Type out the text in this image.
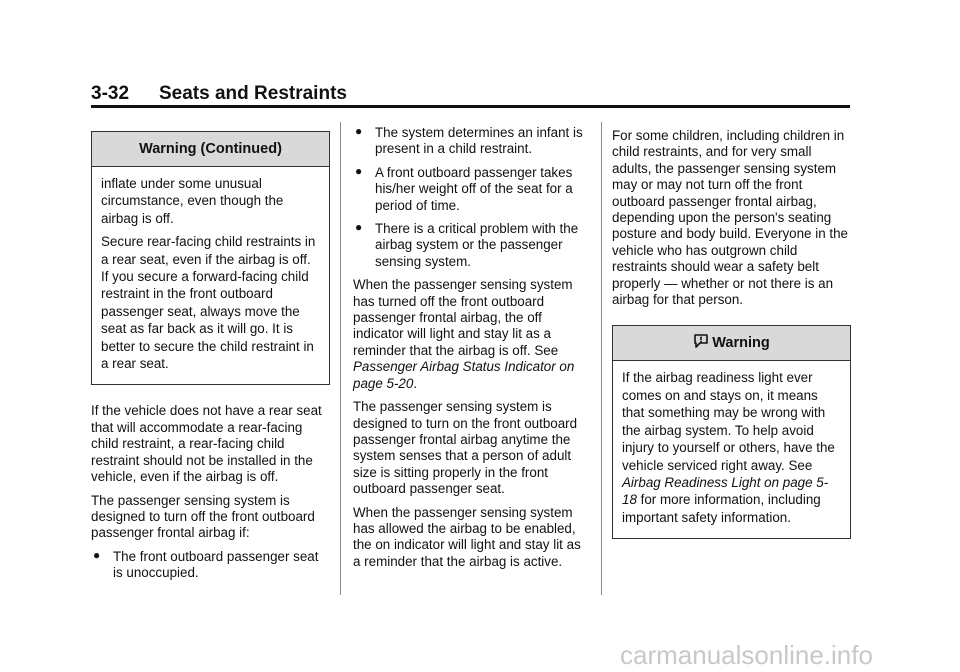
3-32 Seats and Restraints
Warning (Continued)

inflate under some unusual circumstance, even though the airbag is off.

Secure rear-facing child restraints in a rear seat, even if the airbag is off. If you secure a forward-facing child restraint in the front outboard passenger seat, always move the seat as far back as it will go. It is better to secure the child restraint in a rear seat.

If the vehicle does not have a rear seat that will accommodate a rear-facing child restraint, a rear-facing child restraint should not be installed in the vehicle, even if the airbag is off.

The passenger sensing system is designed to turn off the front outboard passenger frontal airbag if:

● The front outboard passenger seat is unoccupied.
● The system determines an infant is present in a child restraint.
● A front outboard passenger takes his/her weight off of the seat for a period of time.
● There is a critical problem with the airbag system or the passenger sensing system.

When the passenger sensing system has turned off the front outboard passenger frontal airbag, the off indicator will light and stay lit as a reminder that the airbag is off. See Passenger Airbag Status Indicator on page 5-20.

The passenger sensing system is designed to turn on the front outboard passenger frontal airbag anytime the system senses that a person of adult size is sitting properly in the front outboard passenger seat.

When the passenger sensing system has allowed the airbag to be enabled, the on indicator will light and stay lit as a reminder that the airbag is active.

For some children, including children in child restraints, and for very small adults, the passenger sensing system may or may not turn off the front outboard passenger frontal airbag, depending upon the person's seating posture and body build. Everyone in the vehicle who has outgrown child restraints should wear a safety belt properly — whether or not there is an airbag for that person.

Warning

If the airbag readiness light ever comes on and stays on, it means that something may be wrong with the airbag system. To help avoid injury to yourself or others, have the vehicle serviced right away. See Airbag Readiness Light on page 5-18 for more information, including important safety information.

carmanualsonline.info
